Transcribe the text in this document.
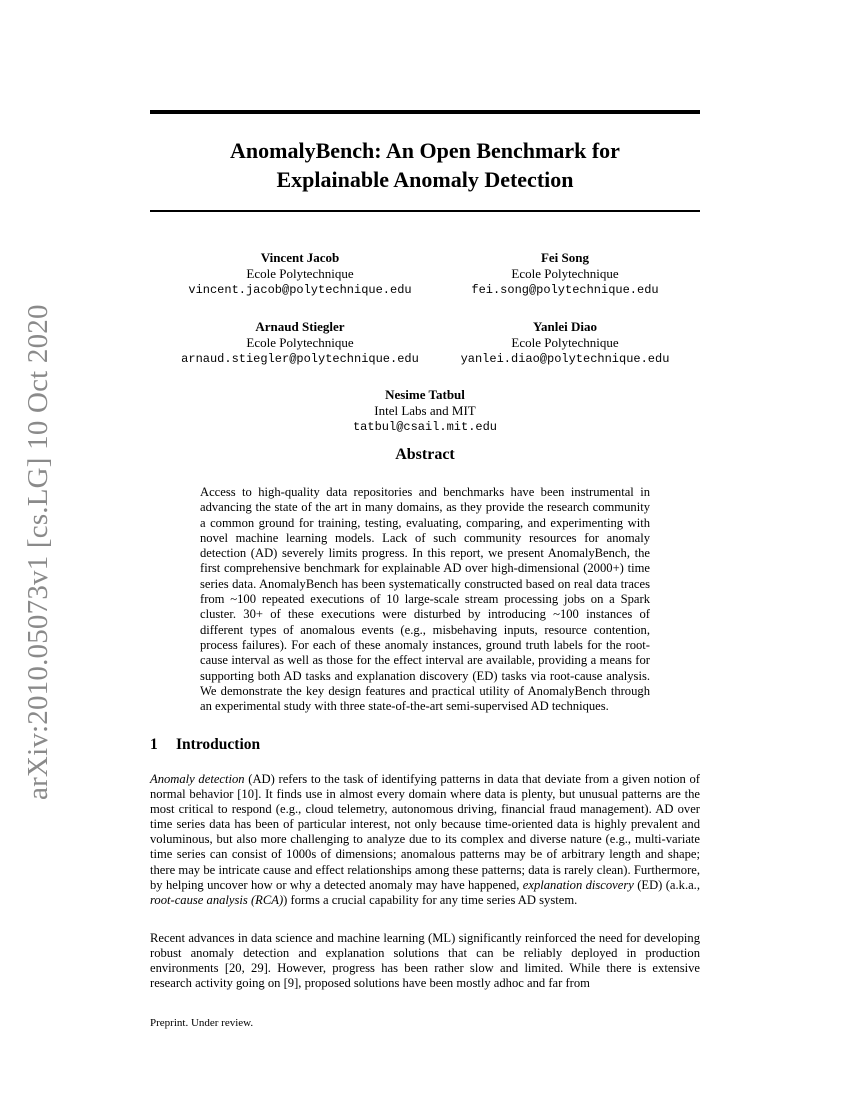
arXiv:2010.05073v1 [cs.LG] 10 Oct 2020
AnomalyBench: An Open Benchmark for
Explainable Anomaly Detection
Vincent Jacob
Ecole Polytechnique
vincent.jacob@polytechnique.edu
Fei Song
Ecole Polytechnique
fei.song@polytechnique.edu
Arnaud Stiegler
Ecole Polytechnique
arnaud.stiegler@polytechnique.edu
Yanlei Diao
Ecole Polytechnique
yanlei.diao@polytechnique.edu
Nesime Tatbul
Intel Labs and MIT
tatbul@csail.mit.edu
Abstract
Access to high-quality data repositories and benchmarks have been instrumental in advancing the state of the art in many domains, as they provide the research community a common ground for training, testing, evaluating, comparing, and experimenting with novel machine learning models. Lack of such community resources for anomaly detection (AD) severely limits progress. In this report, we present AnomalyBench, the first comprehensive benchmark for explainable AD over high-dimensional (2000+) time series data. AnomalyBench has been systematically constructed based on real data traces from ~100 repeated executions of 10 large-scale stream processing jobs on a Spark cluster. 30+ of these executions were disturbed by introducing ~100 instances of different types of anomalous events (e.g., misbehaving inputs, resource contention, process failures). For each of these anomaly instances, ground truth labels for the root-cause interval as well as those for the effect interval are available, providing a means for supporting both AD tasks and explanation discovery (ED) tasks via root-cause analysis. We demonstrate the key design features and practical utility of AnomalyBench through an experimental study with three state-of-the-art semi-supervised AD techniques.
1 Introduction
Anomaly detection (AD) refers to the task of identifying patterns in data that deviate from a given notion of normal behavior [10]. It finds use in almost every domain where data is plenty, but unusual patterns are the most critical to respond (e.g., cloud telemetry, autonomous driving, financial fraud management). AD over time series data has been of particular interest, not only because time-oriented data is highly prevalent and voluminous, but also more challenging to analyze due to its complex and diverse nature (e.g., multi-variate time series can consist of 1000s of dimensions; anomalous patterns may be of arbitrary length and shape; there may be intricate cause and effect relationships among these patterns; data is rarely clean). Furthermore, by helping uncover how or why a detected anomaly may have happened, explanation discovery (ED) (a.k.a., root-cause analysis (RCA)) forms a crucial capability for any time series AD system.
Recent advances in data science and machine learning (ML) significantly reinforced the need for developing robust anomaly detection and explanation solutions that can be reliably deployed in production environments [20, 29]. However, progress has been rather slow and limited. While there is extensive research activity going on [9], proposed solutions have been mostly adhoc and far from
Preprint. Under review.
